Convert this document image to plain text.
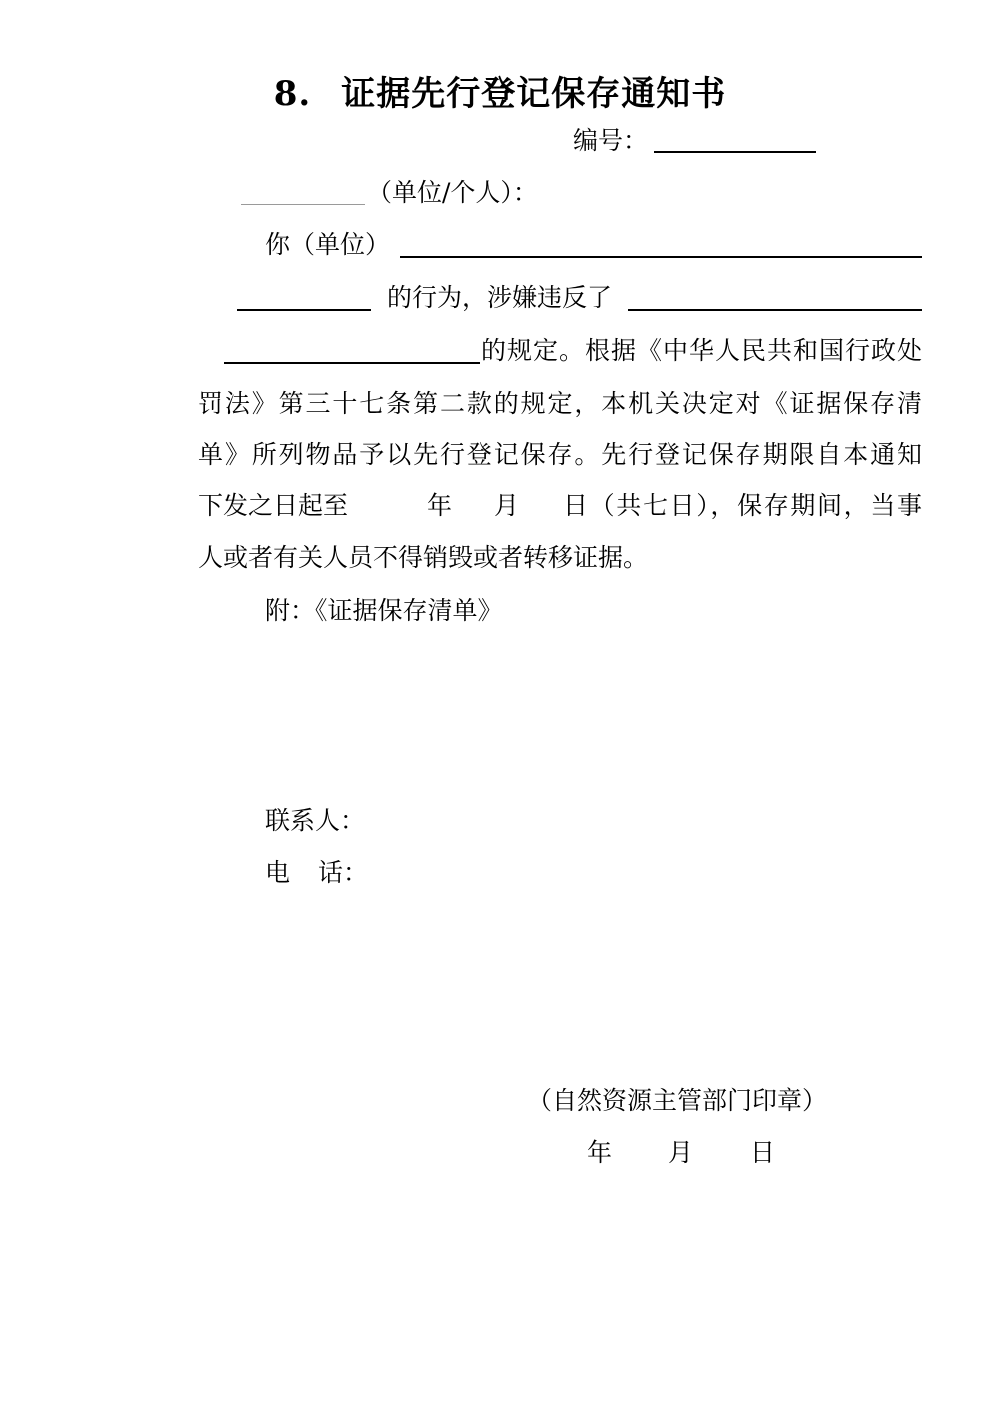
8. 证据先行登记保存通知书
编号：
（单位/个人）：
你（单位）
的行为，涉嫌违反了
的规定。根据《中华人民共和国行政处
罚法》第三十七条第二款的规定，本机关决定对《证据保存清
单》所列物品予以先行登记保存。先行登记保存期限自本通知
下发之日起至	年 月 日（共七日），保存期间，当事
人或者有关人员不得销毁或者转移证据。
附：《证据保存清单》
联系人：
电 话：
（自然资源主管部门印章）
年 月 日
